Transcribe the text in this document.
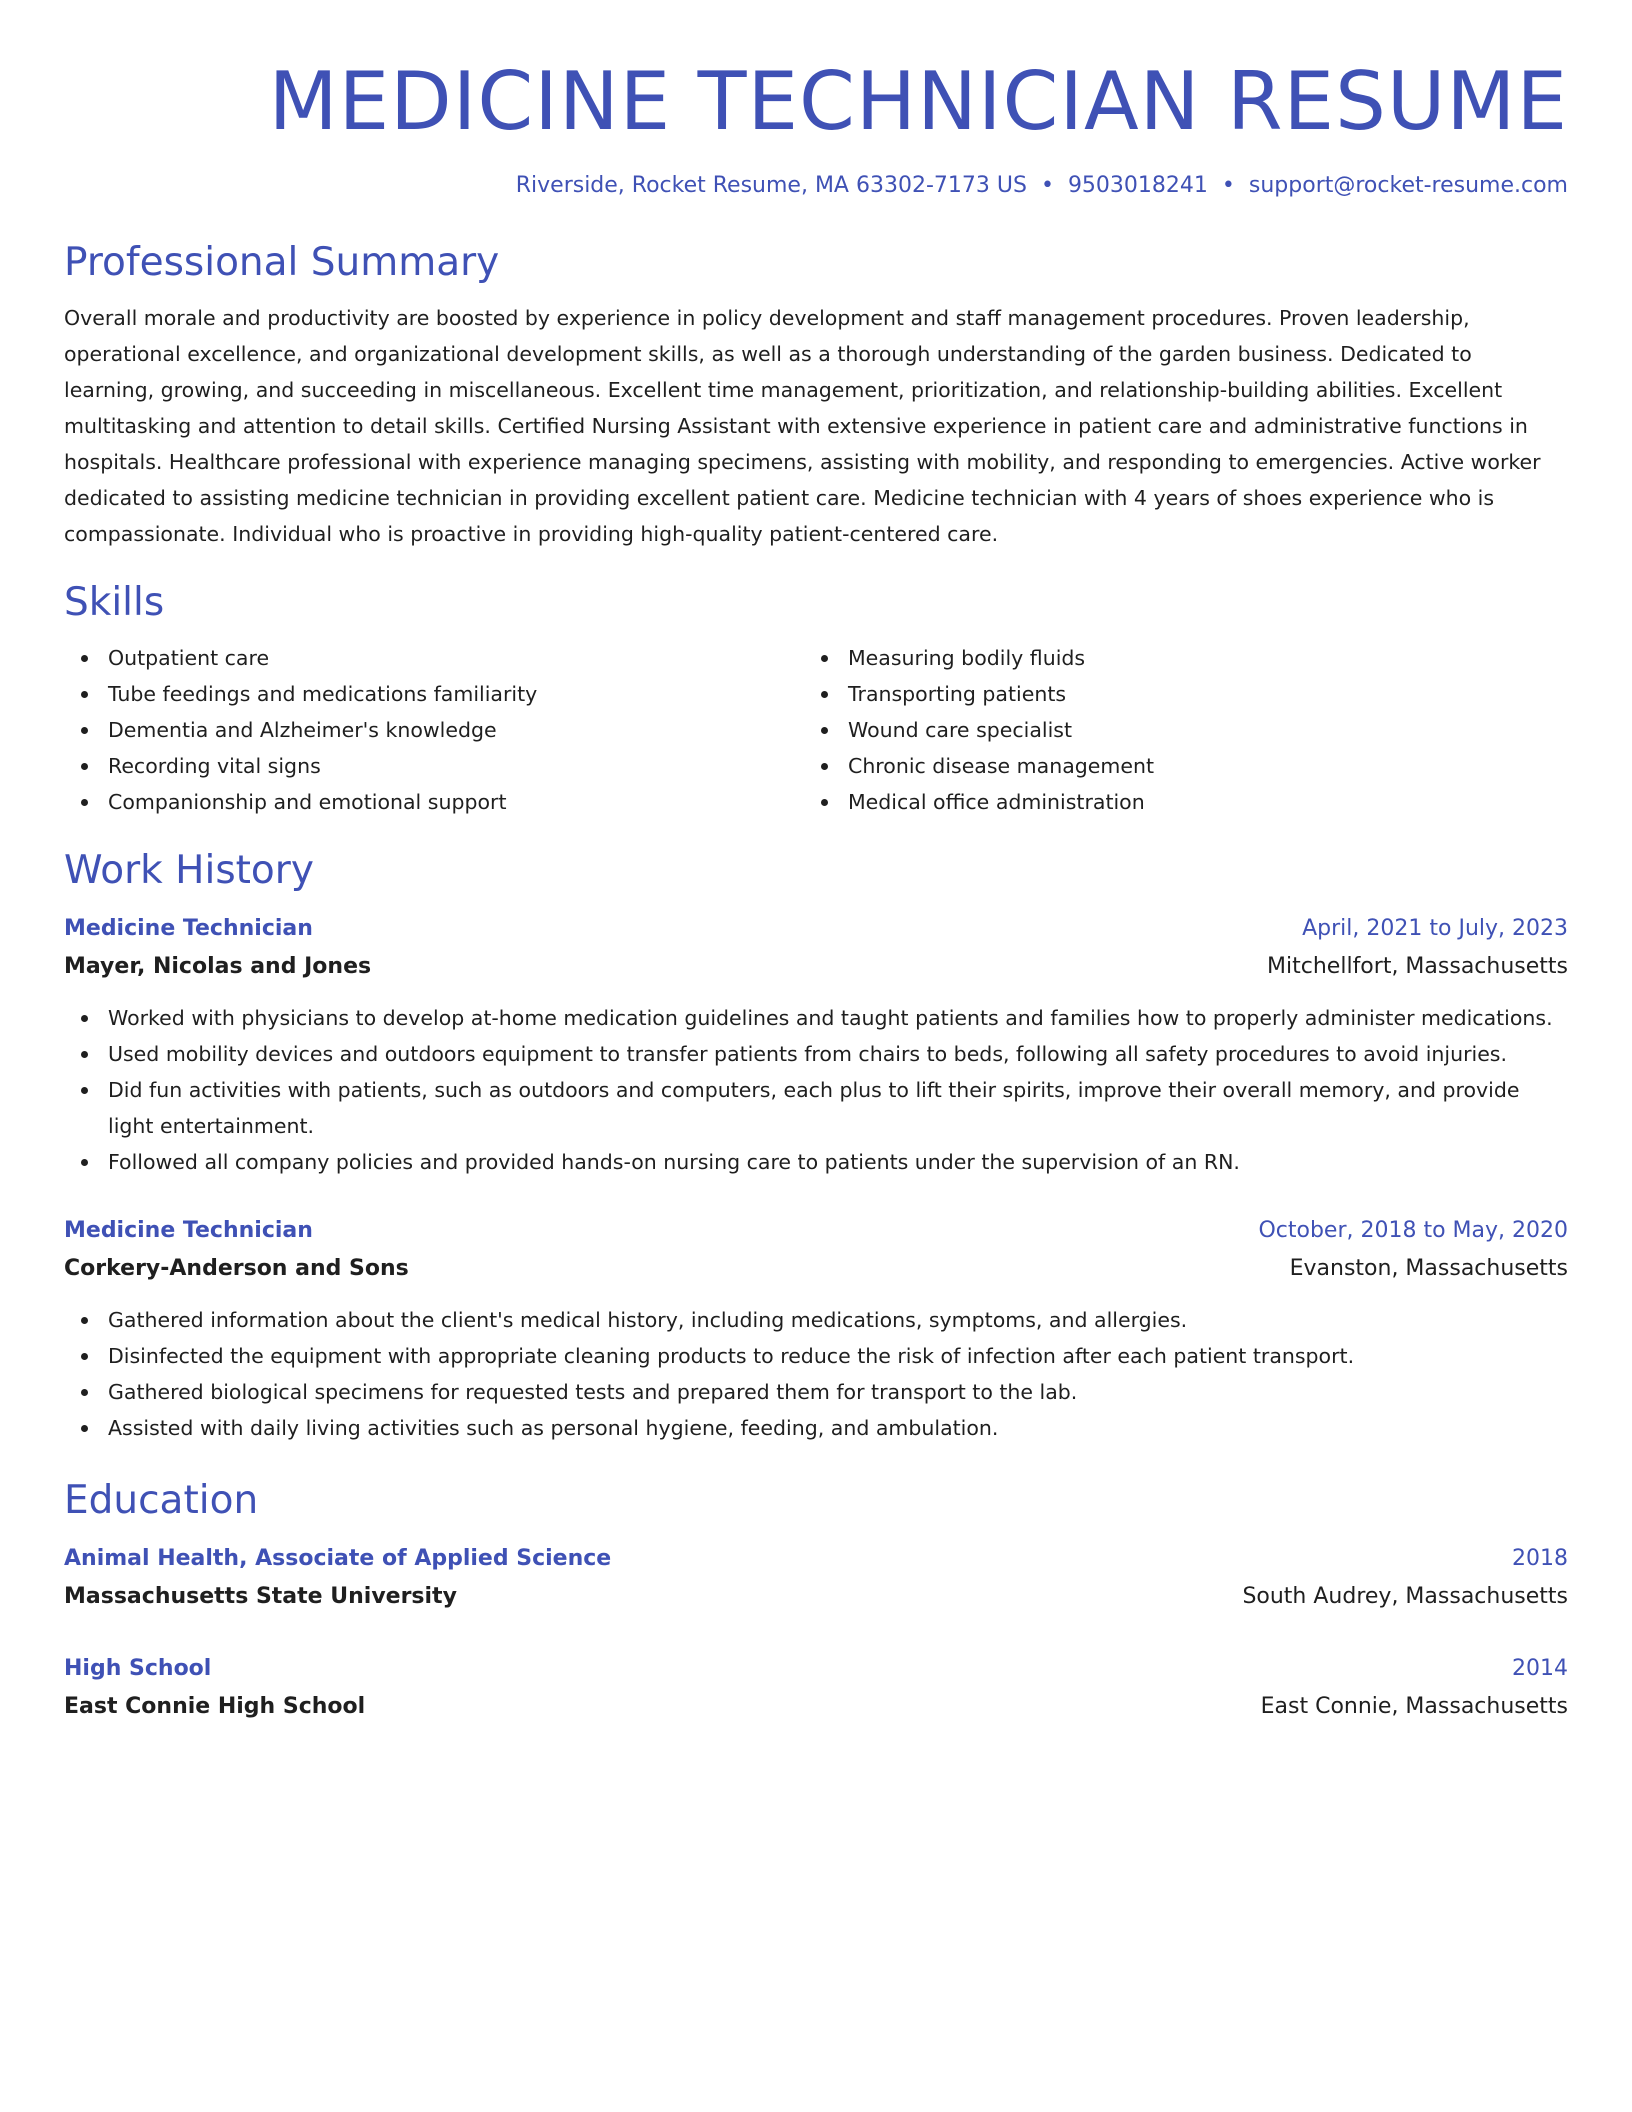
MEDICINE TECHNICIAN RESUME
Riverside, Rocket Resume, MA 63302-7173 US • 9503018241 • support@rocket-resume.com
Professional Summary

Overall morale and productivity are boosted by experience in policy development and staff management procedures. Proven leadership, operational excellence, and organizational development skills, as well as a thorough understanding of the garden business. Dedicated to learning, growing, and succeeding in miscellaneous. Excellent time management, prioritization, and relationship-building abilities. Excellent multitasking and attention to detail skills. Certified Nursing Assistant with extensive experience in patient care and administrative functions in hospitals. Healthcare professional with experience managing specimens, assisting with mobility, and responding to emergencies. Active worker dedicated to assisting medicine technician in providing excellent patient care. Medicine technician with 4 years of shoes experience who is compassionate. Individual who is proactive in providing high-quality patient-centered care.

Skills
Outpatient care
Tube feedings and medications familiarity
Dementia and Alzheimer's knowledge
Recording vital signs
Companionship and emotional support
Measuring bodily fluids
Transporting patients
Wound care specialist
Chronic disease management
Medical office administration
Work History
Medicine Technician	April, 2021 to July, 2023
Mayer, Nicolas and Jones	Mitchellfort, Massachusetts
Worked with physicians to develop at-home medication guidelines and taught patients and families how to properly administer medications.
Used mobility devices and outdoors equipment to transfer patients from chairs to beds, following all safety procedures to avoid injuries.
Did fun activities with patients, such as outdoors and computers, each plus to lift their spirits, improve their overall memory, and provide light entertainment.
Followed all company policies and provided hands-on nursing care to patients under the supervision of an RN.
Medicine Technician	October, 2018 to May, 2020
Corkery-Anderson and Sons	Evanston, Massachusetts
Gathered information about the client's medical history, including medications, symptoms, and allergies.
Disinfected the equipment with appropriate cleaning products to reduce the risk of infection after each patient transport.
Gathered biological specimens for requested tests and prepared them for transport to the lab.
Assisted with daily living activities such as personal hygiene, feeding, and ambulation.
Education
Animal Health, Associate of Applied Science	2018
Massachusetts State University	South Audrey, Massachusetts
High School	2014
East Connie High School	East Connie, Massachusetts
